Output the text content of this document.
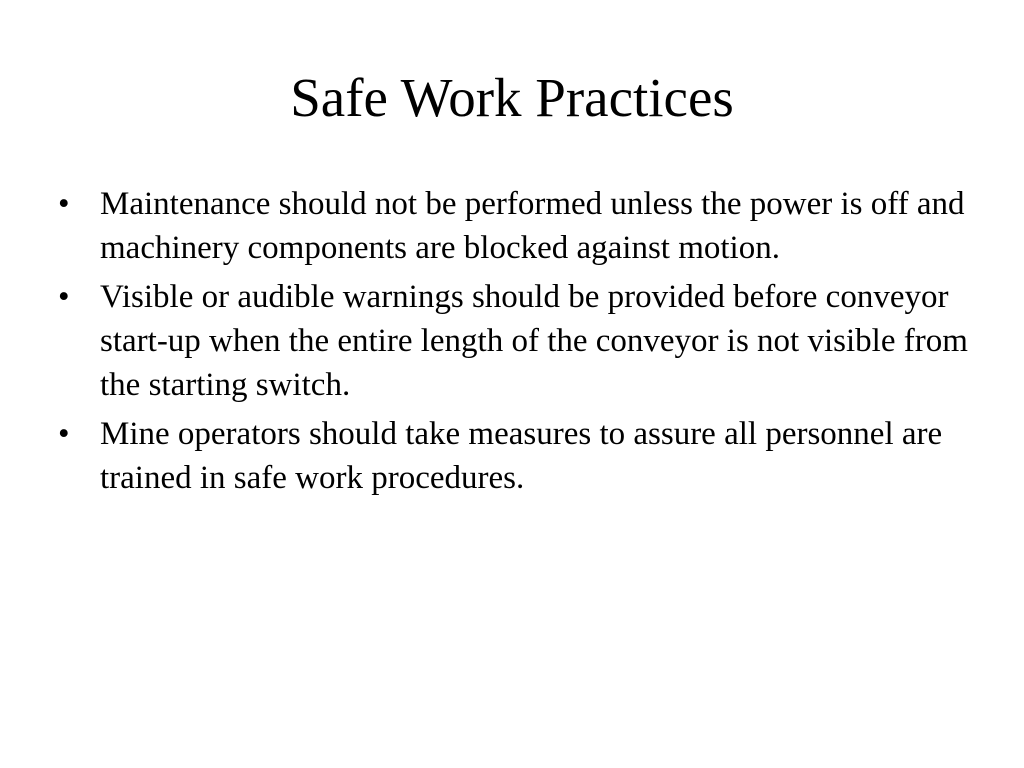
Safe Work Practices
• Maintenance should not be performed unless the power is off and machinery components are blocked against motion.
• Visible or audible warnings should be provided before conveyor start-up when the entire length of the conveyor is not visible from the starting switch.
• Mine operators should take measures to assure all personnel are trained in safe work procedures.
